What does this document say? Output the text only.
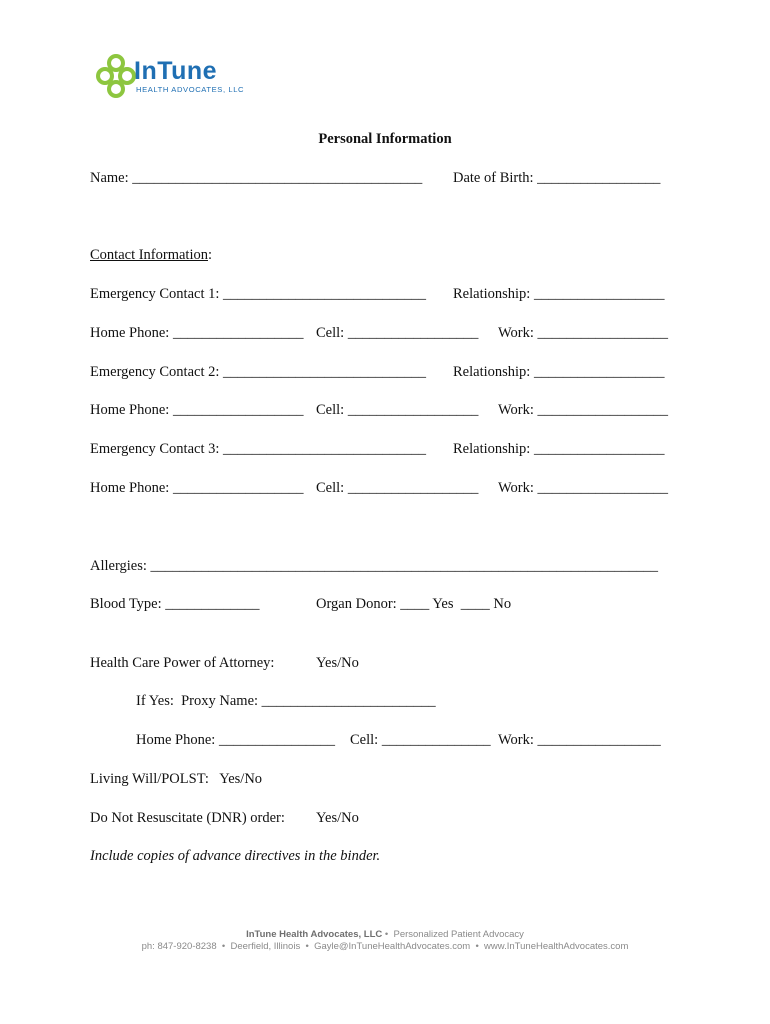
InTune
HEALTH ADVOCATES, LLC
Personal Information
Name: ________________________________________ Date of Birth: _________________
Contact Information:
Emergency Contact 1: ____________________________ Relationship: __________________
Home Phone: __________________ Cell: __________________ Work: __________________
Emergency Contact 2: ____________________________ Relationship: __________________
Home Phone: __________________ Cell: __________________ Work: __________________
Emergency Contact 3: ____________________________ Relationship: __________________
Home Phone: __________________ Cell: __________________ Work: __________________
Allergies: ______________________________________________________________________
Blood Type: _____________	Organ Donor: ____ Yes  ____ No
Health Care Power of Attorney:	Yes/No
If Yes:  Proxy Name: ________________________
Home Phone: ________________ Cell: _______________ Work: _________________
Living Will/POLST:   Yes/No
Do Not Resuscitate (DNR) order: Yes/No
Include copies of advance directives in the binder.
InTune Health Advocates, LLC •  Personalized Patient Advocacy
ph: 847-920-8238  •  Deerfield, Illinois  •  Gayle@InTuneHealthAdvocates.com  •  www.InTuneHealthAdvocates.com
